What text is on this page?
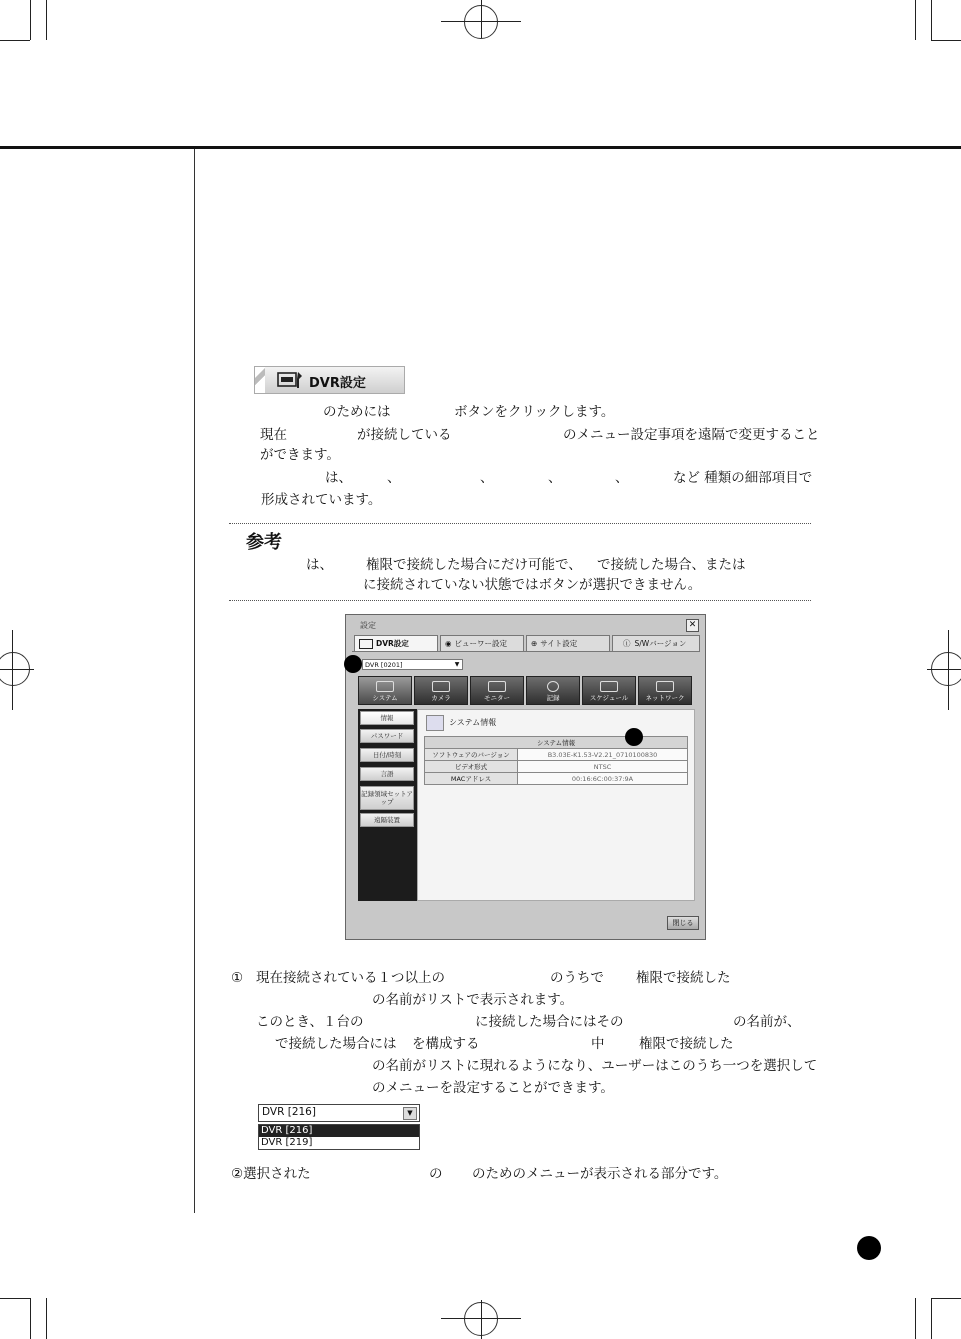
DVR設定
のためには	ボタンをクリックします。
現在	が接続している	のメニュー設定事項を遠隔で変更すること
ができます。
は、	、	、	、	、	など 種類の細部項目で
形成されています。
参考
は、 権限で接続した場合にだけ可能で、 で接続した場合、または
に接続されていない状態ではボタンが選択できません。
設定	✕
DVR設定	◉ ビューワー設定	⊕ サイト設定	ⓘ S/Wバージョン
DVR [0201]	▼
システム	カメラ	モニター	記録	スケジュール	ネットワーク
情報
パスワード
日付/時刻
言語
記録領域セットアップ
遠隔装置
システム情報
システム情報	
ソフトウェアのバージョン	B3.03E-K1.53-V2.21_0710100830
ビデオ形式	NTSC
MACアドレス	00:16:6C:00:37:9A
閉じる
① 現在接続されている１つ以上の	のうちで 権限で接続した
の名前がリストで表示されます。
このとき、１台の	に接続した場合にはその	の名前が、
で接続した場合には を構成する	中	権限で接続した
の名前がリストに現れるようになり、ユーザーはこのうち一つを選択して
のメニューを設定することができます。
DVR [216]	▼
DVR [216]
DVR [219]
②選択された	の のためのメニューが表示される部分です。
